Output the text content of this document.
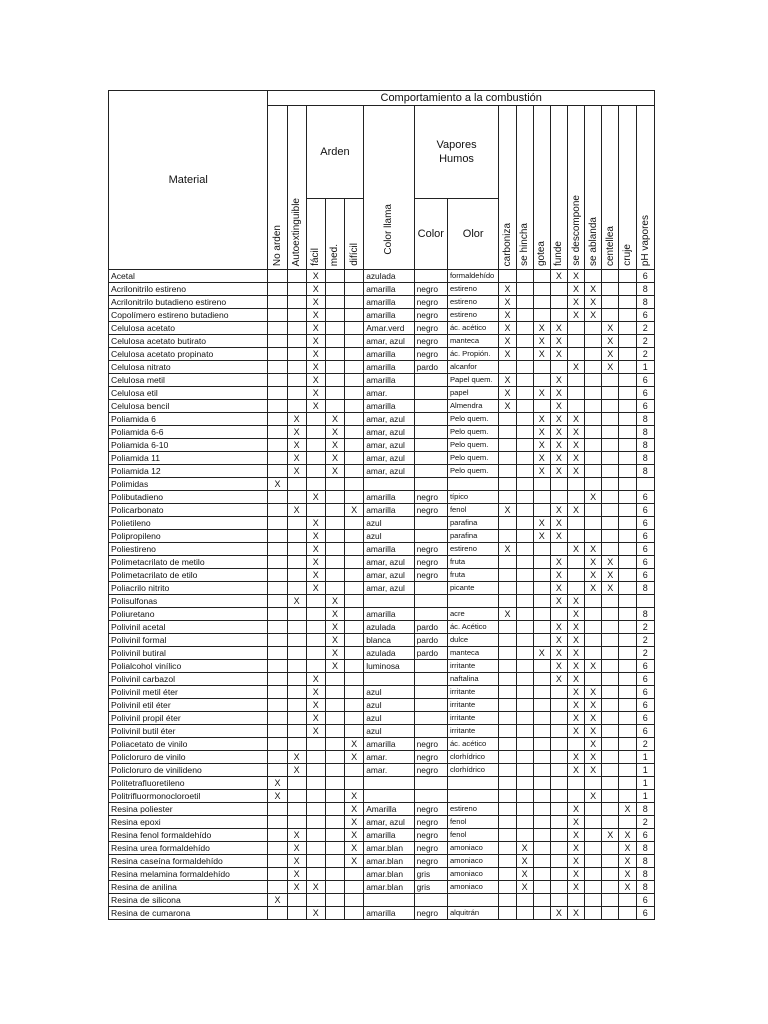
Material	Comportamiento a la combustión																

	No arden	Autoextinguible	Arden			Color llama	Vapores Humos		carboniza	se hincha	gotea	funde	se descompone	se ablanda	centellea	cruje	pH vapores

			fácil	med.	difícil		Color	Olor									
Acetal			X			azulada		formaldehído				X	X				6
Acrilonitrilo estireno			X			amarilla	negro	estireno	X				X	X			8
Acrilonitrilo butadieno estireno			X			amarilla	negro	estireno	X				X	X			8
Copolímero estireno butadieno			X			amarilla	negro	estireno	X				X	X			6
Celulosa acetato			X			Amar.verd	negro	ác. acético	X		X	X			X		2
Celulosa acetato butirato			X			amar, azul	negro	manteca	X		X	X			X		2
Celulosa acetato propinato			X			amarilla	negro	ác. Propión.	X		X	X			X		2
Celulosa nitrato			X			amarilla	pardo	alcanfor					X		X		1
Celulosa metil			X			amarilla		Papel quem.	X			X					6
Celulosa etil			X			amar.		papel	X		X	X					6
Celulosa bencil			X			amarilla		Almendra	X			X					6
Poliamida 6		X		X		amar, azul		Pelo quem.			X	X	X				8
Poliamida 6-6		X		X		amar, azul		Pelo quem.			X	X	X				8
Poliamida 6-10		X		X		amar, azul		Pelo quem.			X	X	X				8
Poliamida 11		X		X		amar, azul		Pelo quem.			X	X	X				8
Poliamida 12		X		X		amar, azul		Pelo quem.			X	X	X				8
Polimidas	X																
Polibutadieno			X			amarilla	negro	típico						X			6
Policarbonato		X			X	amarilla	negro	fenol	X			X	X				6
Polietileno			X			azul		parafina			X	X					6
Polipropileno			X			azul		parafina			X	X					6
Poliestireno			X			amarilla	negro	estireno	X				X	X			6
Polimetacrilato de metilo			X			amar, azul	negro	fruta				X		X	X		6
Polimetacrilato de etilo			X			amar, azul	negro	fruta				X		X	X		6
Poliacrilo nitrito			X			amar, azul		picante				X		X	X		8
Polisulfonas		X		X								X	X				
Poliuretano				X		amarilla		acre	X				X				8
Polivinil acetal				X		azulada	pardo	ác. Acético				X	X				2
Polivinil formal				X		blanca	pardo	dulce				X	X				2
Polivinil butiral				X		azulada	pardo	manteca			X	X	X				2
Polialcohol vinílico				X		luminosa		irritante				X	X	X			6
Polivinil carbazol			X					naftalina				X	X				6
Polivinil metil éter			X			azul		irritante					X	X			6
Polivinil etil éter			X			azul		irritante					X	X			6
Polivinil propil éter			X			azul		irritante					X	X			6
Polivinil butil éter			X			azul		irritante					X	X			6
Poliacetato de vinilo					X	amarilla	negro	ác. acético						X			2
Policloruro de vinilo		X			X	amar.	negro	clorhídrico					X	X			1
Policloruro de vinilideno		X				amar.	negro	clorhídrico					X	X			1
Politetrafluoretileno	X																1
Politrifluormonocloroetil	X				X									X			1
Resina poliester					X	Amarilla	negro	estireno					X			X	8
Resina epoxi					X	amar, azul	negro	fenol					X				2
Resina fenol formaldehído		X			X	amarilla	negro	fenol					X		X	X	6
Resina urea formaldehído		X			X	amar.blan	negro	amoniaco		X			X			X	8
Resina caseína formaldehído		X			X	amar.blan	negro	amoniaco		X			X			X	8
Resina melamina formaldehído		X				amar.blan	gris	amoniaco		X			X			X	8
Resina de anilina		X	X			amar.blan	gris	amoniaco		X			X			X	8
Resina de silicona	X																6
Resina de cumarona			X			amarilla	negro	alquitrán				X	X				6
